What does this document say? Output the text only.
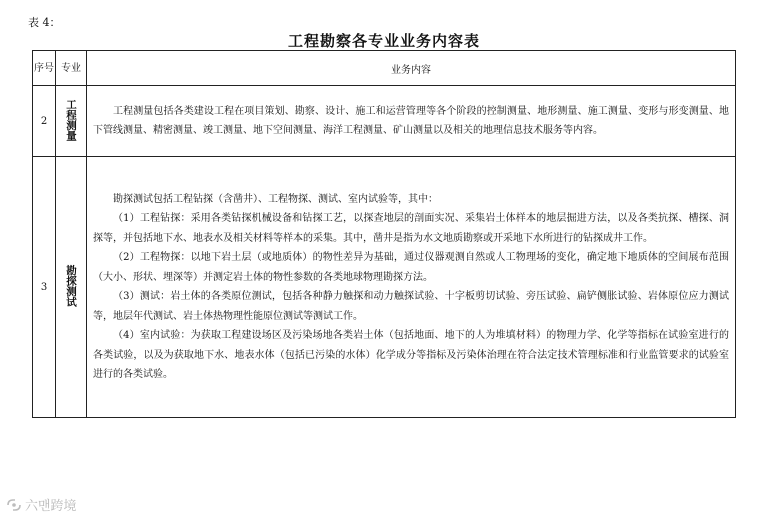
表 4：
工程勘察各专业业务内容表
序号	专业	业务内容
2	工程测量	工程测量包括各类建设工程在项目策划、勘察、设计、施工和运营管理等各个阶段的控制测量、地形测量、施工测量、变形与形变测量、地下管线测量、精密测量、竣工测量、地下空间测量、海洋工程测量、矿山测量以及相关的地理信息技术服务等内容。

3	勘探测试	勘探测试包括工程钻探（含凿井）、工程物探、测试、室内试验等，其中：

（1）工程钻探：采用各类钻探机械设备和钻探工艺，以探查地层的剖面实况、采集岩土体样本的地层掘进方法，以及各类抗探、槽探、洞探等，并包括地下水、地表水及相关材料等样本的采集。其中，凿井是指为水文地质勘察或开采地下水所进行的钻探成井工作。

（2）工程物探：以地下岩土层（或地质体）的物性差异为基础，通过仪器观测自然或人工物理场的变化，确定地下地质体的空间展布范围（大小、形状、埋深等）并测定岩土体的物性参数的各类地球物理勘探方法。

（3）测试：岩土体的各类原位测试，包括各种静力触探和动力触探试验、十字板剪切试验、旁压试验、扁铲侧胀试验、岩体原位应力测试等，地层年代测试、岩土体热物理性能原位测试等测试工作。

（4）室内试验：为获取工程建设场区及污染场地各类岩土体（包括地面、地下的人为堆填材料）的物理力学、化学等指标在试验室进行的各类试验，以及为获取地下水、地表水体（包括已污染的水体）化学成分等指标及污染体治理在符合法定技术管理标准和行业监管要求的试验室进行的各类试验。

六맨跨境
